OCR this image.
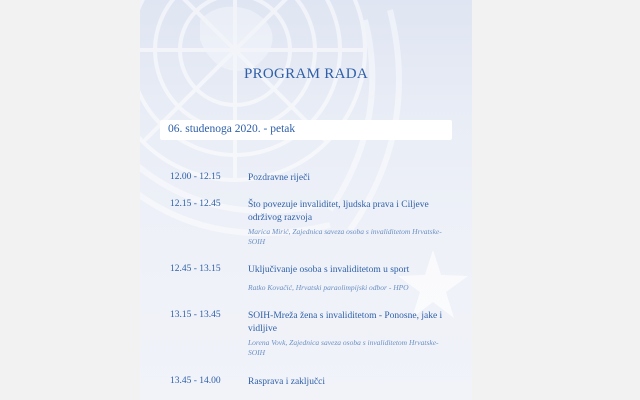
PROGRAM RADA
06. studenoga 2020. - petak
12.00 - 12.15	Pozdravne riječi
12.15 - 12.45	Što povezuje invaliditet, ljudska prava i Ciljeve održivog razvoja
Marica Mirić, Zajednica saveza osoba s invaliditetom Hrvatske-SOIH
12.45 - 13.15	Uključivanje osoba s invaliditetom u sport
Ratko Kovačić, Hrvatski paraolimpijski odbor - HPO
13.15 - 13.45	SOIH-Mreža žena s invaliditetom - Ponosne, jake i vidljive
Lorena Vovk, Zajednica saveza osoba s invaliditetom Hrvatske-SOIH
13.45 - 14.00	Rasprava i zaključci
